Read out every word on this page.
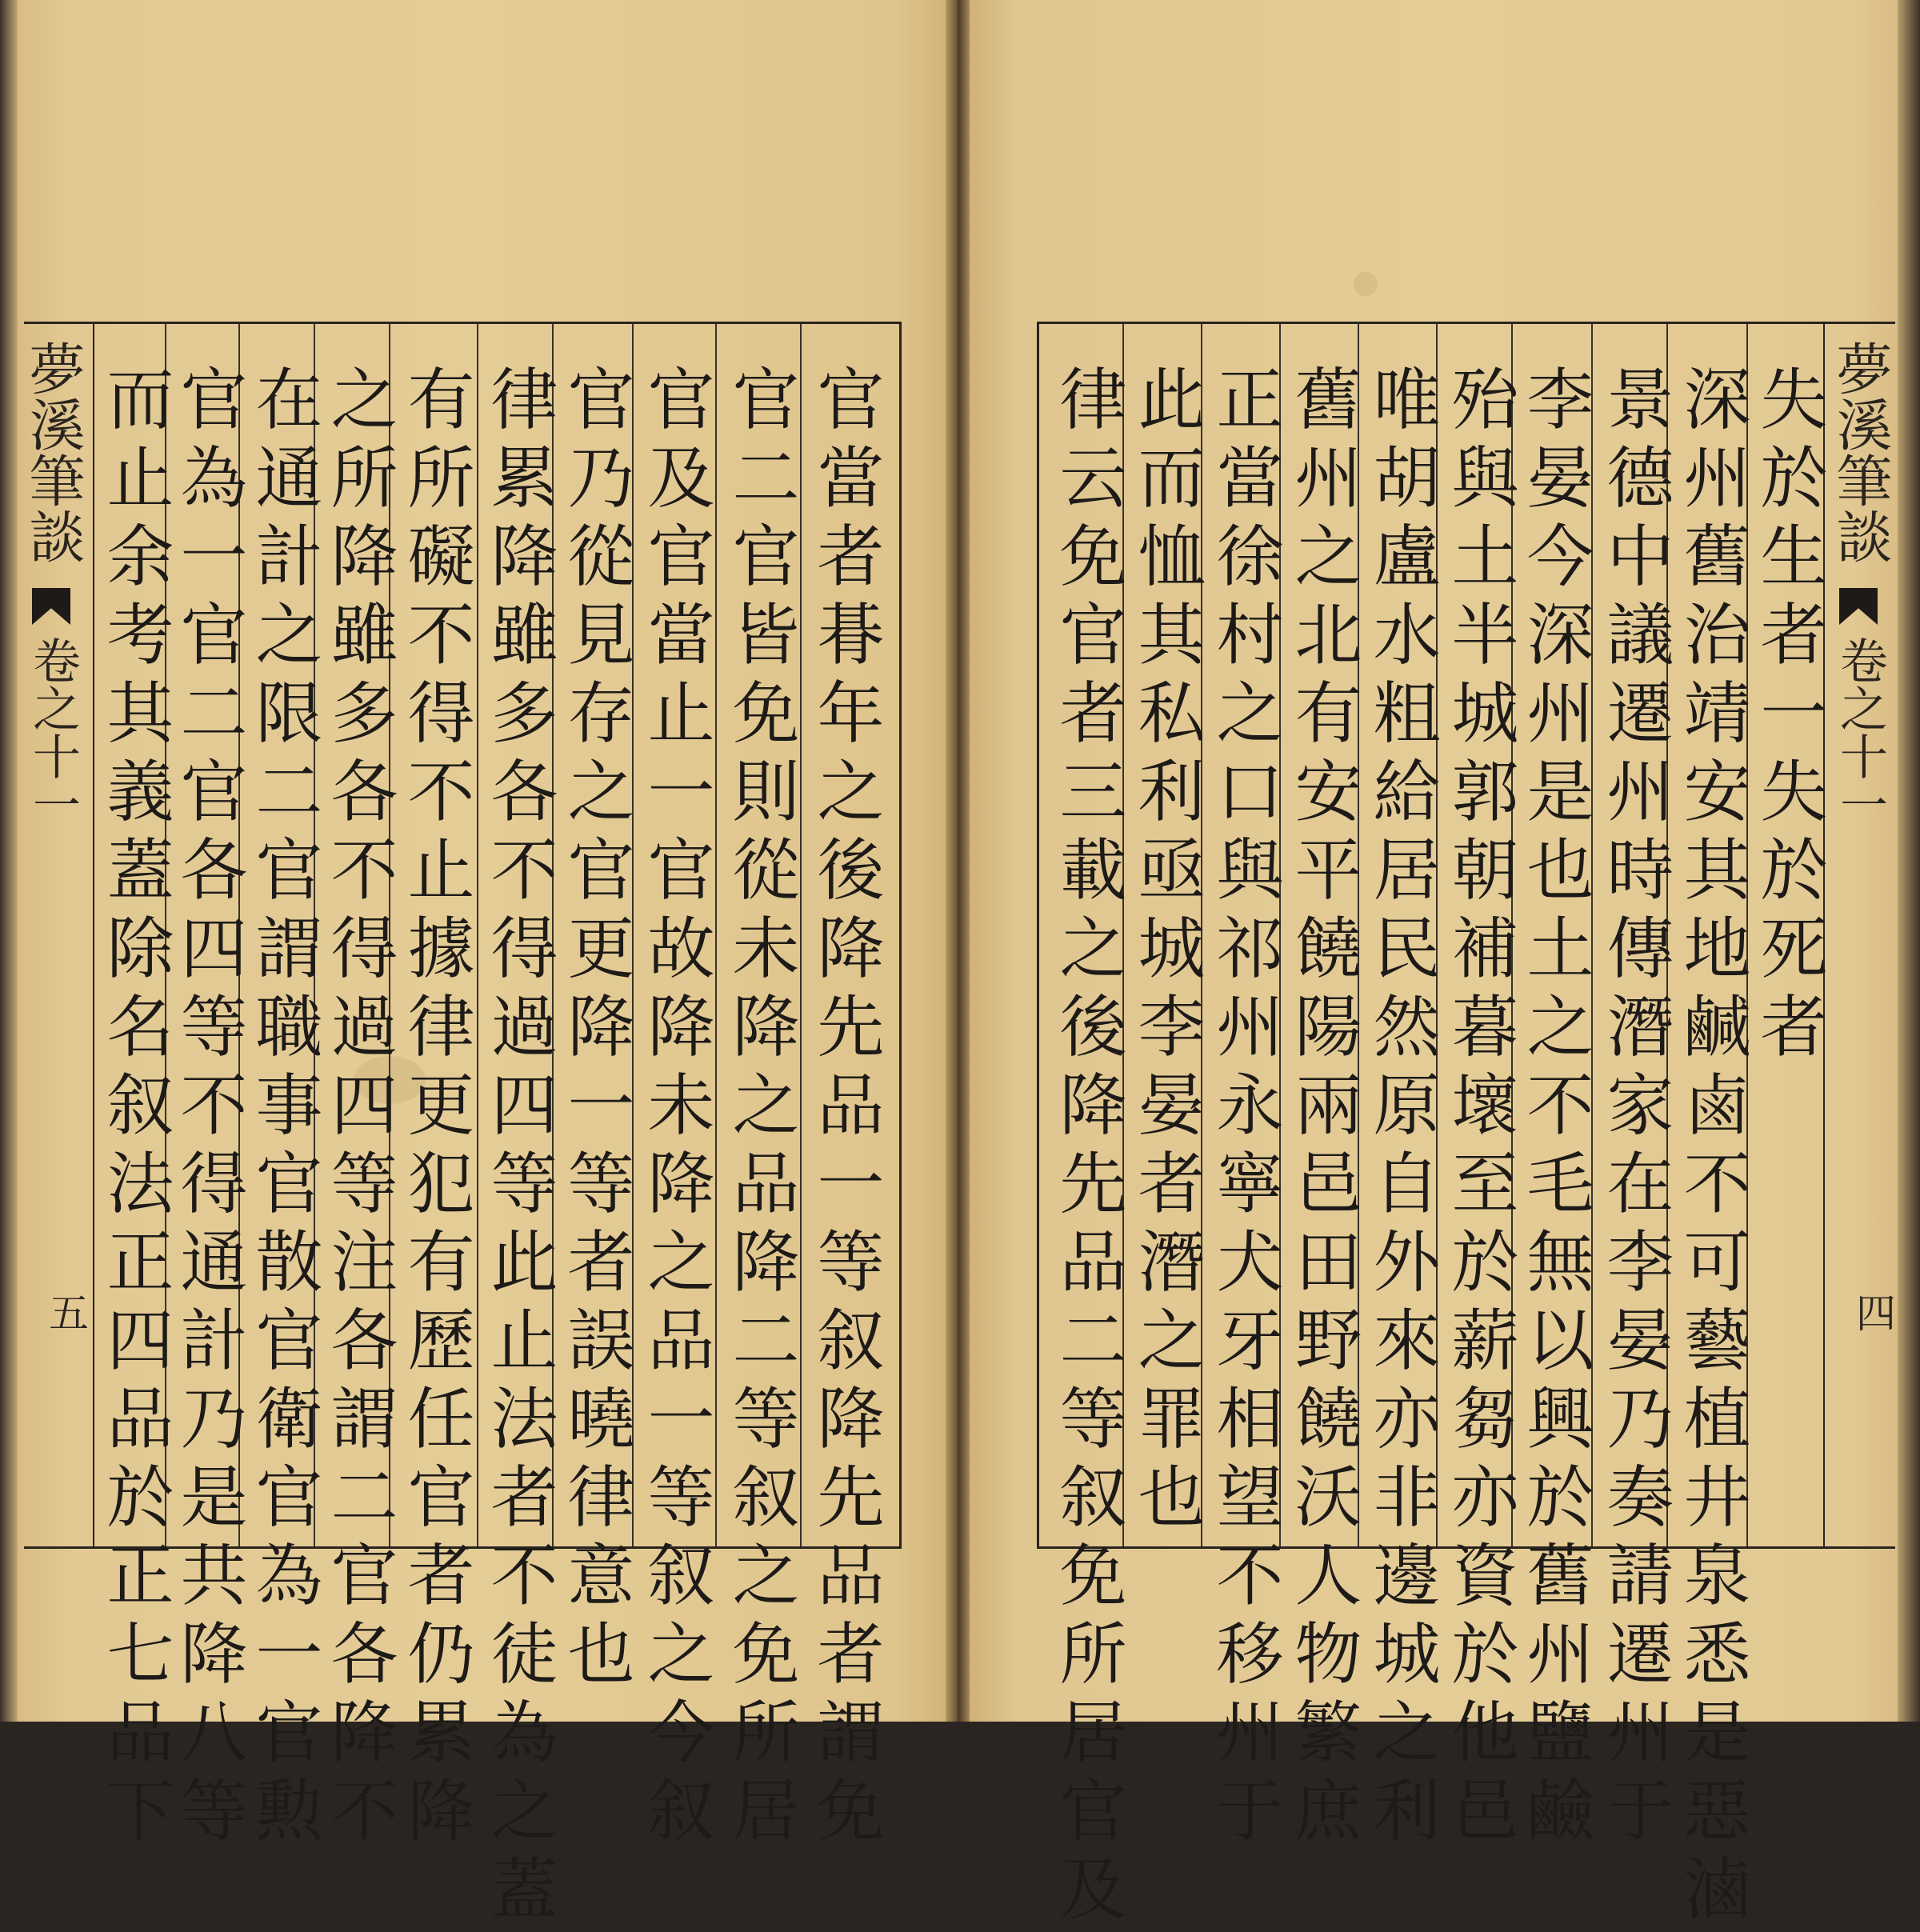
夢溪筆談
卷之十一
五	官當者朞年之後降先品一等叙降先品者謂免
官二官皆免則從未降之品降二等叙之免所居
官及官當止一官故降未降之品一等叙之今叙
官乃從見存之官更降一等者誤曉律意也
律累降雖多各不得過四等此止法者不徒為之蓋
有所礙不得不止據律更犯有歷任官者仍累降
之所降雖多各不得過四等注各謂二官各降不
在通計之限二官謂職事官散官衛官為一官勲
官為一官二官各四等不得通計乃是共降八等
而止余考其義蓋除名叙法正四品於正七品下	夢溪筆談
卷之十一
四
失於生者一失於死者
深州舊治靖安其地鹹鹵不可藝植井泉悉是惡滷
景德中議遷州時傳潛家在李晏乃奏請遷州于
李晏今深州是也土之不毛無以興於舊州鹽鹼
殆與土半城郭朝補暮壞至於薪芻亦資於他邑
唯胡盧水粗給居民然原自外來亦非邊城之利
舊州之北有安平饒陽兩邑田野饒沃人物繁庶
正當徐村之口與祁州永寧犬牙相望不移州于
此而恤其私利亟城李晏者潛之罪也
律云免官者三載之後降先品二等叙免所居官及
